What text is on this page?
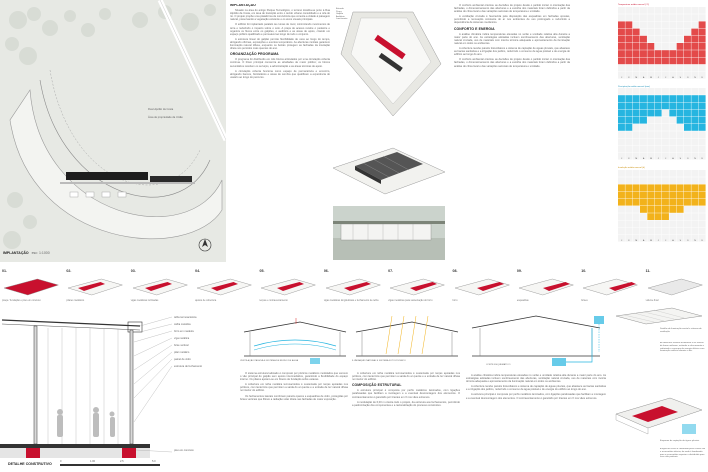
Rua Hipólito da Costa
Área de propriedade da União
IMPLANTAÇÃO esc: 1:1000
IMPLANTAÇÃO

Situado na área do antigo Parque Tecnológico, o terreno localiza-se junto à Rua Hipólito da Costa, em área de transição entre o tecido urbano consolidado e a orla do rio. O projeto propõe uma plataforma de convivência que conecta a cidade à paisagem natural, preservando a vegetação existente e os eixos visuais principais.

O edifício foi implantado paralelo às curvas de nível, minimizando movimentos de terra e reduzindo o impacto sobre o solo. A praça de acesso recebe o pedestre e organiza os fluxos entre os galpões, o auditório e as áreas de apoio, criando um espaço público qualificado e permeável ao longo de todo o conjunto.

A estrutura linear do galpão permite flexibilidade de usos ao longo do tempo, abrigando oficinas, exposições e eventos temporários. As aberturas zenitais garantem iluminação natural difusa, enquanto os beirais protegem as fachadas da insolação direta nos períodos mais quentes do ano.

ORGANIZAÇÃO PROGRAMA

O programa foi distribuído em três blocos articulados por uma circulação coberta contínua. O bloco principal concentra as atividades de maior público; os blocos secundários recebem os serviços, a administração e as áreas técnicas de apoio.

A circulação coberta funciona como espaço de permanência e encontro, abrigando bancos, bicicletários e áreas de sombra que qualificam a experiência do usuário ao longo do percurso.

Entrada
Praça
Galpão
Auditório
Lanchonete

O conforto ambiental orientou as decisões de projeto desde o partido inicial. A orientação das fachadas, o dimensionamento das aberturas e a escolha dos materiais foram definidos a partir da análise do clima local e das variações sazonais de temperatura e umidade.

A ventilação cruzada é favorecida pela disposição das esquadrias em fachadas opostas, permitindo a renovação constante do ar nos ambientes de uso prolongado e reduzindo a dependência de sistemas mecânicos.

CONFORTO E ENERGIA

A análise climática indica temperaturas elevadas no verão e umidade relativa alta durante a maior parte do ano. As estratégias adotadas incluem sombreamento das aberturas, ventilação natural cruzada, uso de materiais com inércia térmica adequada e aproveitamento da iluminação natural em todos os ambientes.

A cobertura recebe painéis fotovoltaicos e sistema de captação de águas pluviais, que abastece as bacias sanitárias e a irrigação dos jardins, reduzindo o consumo de água potável e de energia do edifício ao longo do ano.

O conforto ambiental orientou as decisões de projeto desde o partido inicial. A orientação das fachadas, o dimensionamento das aberturas e a escolha dos materiais foram definidos a partir da análise do clima local e das variações sazonais de temperatura e umidade.

Temperatura média mensal (°C)
J	F	M	A	M	J	J	A	S	O	N	D
Precipitação média mensal (mm)
J	F	M	A	M	J	J	A	S	O	N	D
Insolação média mensal (h)
J	F	M	A	M	J	J	A	S	O	N	D
01.
praça / fundação e piso em concreto
02.
pilares metálicos
03.
vigas metálicas inclinadas
04.
apoios de cobertura
05.
terças e contraventamento
06.
vigas metálicas longitudinais e fechamento de telha
07.
vigas metálicas para sustentação do forro
08.
forro
09.
esquadrias
10.
brises
11.
volume final
telha termoacústica
calha metálica
forro em madeira
viga metálica
brise vertical
pilar metálico
painel de vidro
estrutura de fechamento
piso em concreto
DETALHE CONSTRUTIVO
0	1.00	2.5	5.0
VENTILAÇÃO PASSIVA E SISTEMA DE REÚSO DE ÁGUA	ILUMINAÇÃO NATURAL E SISTEMA FOTOVOLTAICO
CORTE ESQUEMÁTICO

O sistema estrutural adotado é composto por pórticos metálicos modulados que vencem o vão principal do galpão sem apoios intermediários, garantindo a flexibilidade do espaço interno. Os pilares apoiam-se em blocos de fundação sobre estacas.

A cobertura em telha metálica termoacústica é sustentada por terças apoiadas nos pórticos, com lanternins que permitem a saída do ar quente e a entrada de luz natural difusa no interior do edifício.

Os fechamentos laterais combinam painéis opacos e esquadrias de vidro, protegidas por brises verticais que filtram a radiação solar direta nas fachadas de maior exposição.

A cobertura em telha metálica termoacústica é sustentada por terças apoiadas nos pórticos, com lanternins que permitem a saída do ar quente e a entrada de luz natural difusa no interior do edifício.

COMPOSIÇÃO ESTRUTURAL

A estrutura principal é composta por perfis metálicos laminados, com ligações parafusadas que facilitam a montagem e a eventual desmontagem dos elementos. O contraventamento é garantido por tirantes em X nos vãos extremos.

A modulação de 6,00 m orienta todo o projeto, da estrutura aos fechamentos, permitindo a padronização dos componentes e a racionalização do processo construtivo.

A análise climática indica temperaturas elevadas no verão e umidade relativa alta durante a maior parte do ano. As estratégias adotadas incluem sombreamento das aberturas, ventilação natural cruzada, uso de materiais com inércia térmica adequada e aproveitamento da iluminação natural em todos os ambientes.

A cobertura recebe painéis fotovoltaicos e sistema de captação de águas pluviais, que abastece as bacias sanitárias e a irrigação dos jardins, reduzindo o consumo de água potável e de energia do edifício ao longo do ano.

A estrutura principal é composta por perfis metálicos laminados, com ligações parafusadas que facilitam a montagem e a eventual desmontagem dos elementos. O contraventamento é garantido por tirantes em X nos vãos extremos.

Detalhe de iluminação zenital e sistema de ventilação

As aberturas zenitais distribuem a luz natural de forma uniforme, evitando o ofuscamento e reduzindo o consumo de energia elétrica com iluminação artificial durante o dia.

Esquema de captação de águas pluviais

A água da chuva é conduzida pelas calhas até o reservatório inferior, de onde é bombeada para o reservatório superior e distribuída para usos não potáveis.
